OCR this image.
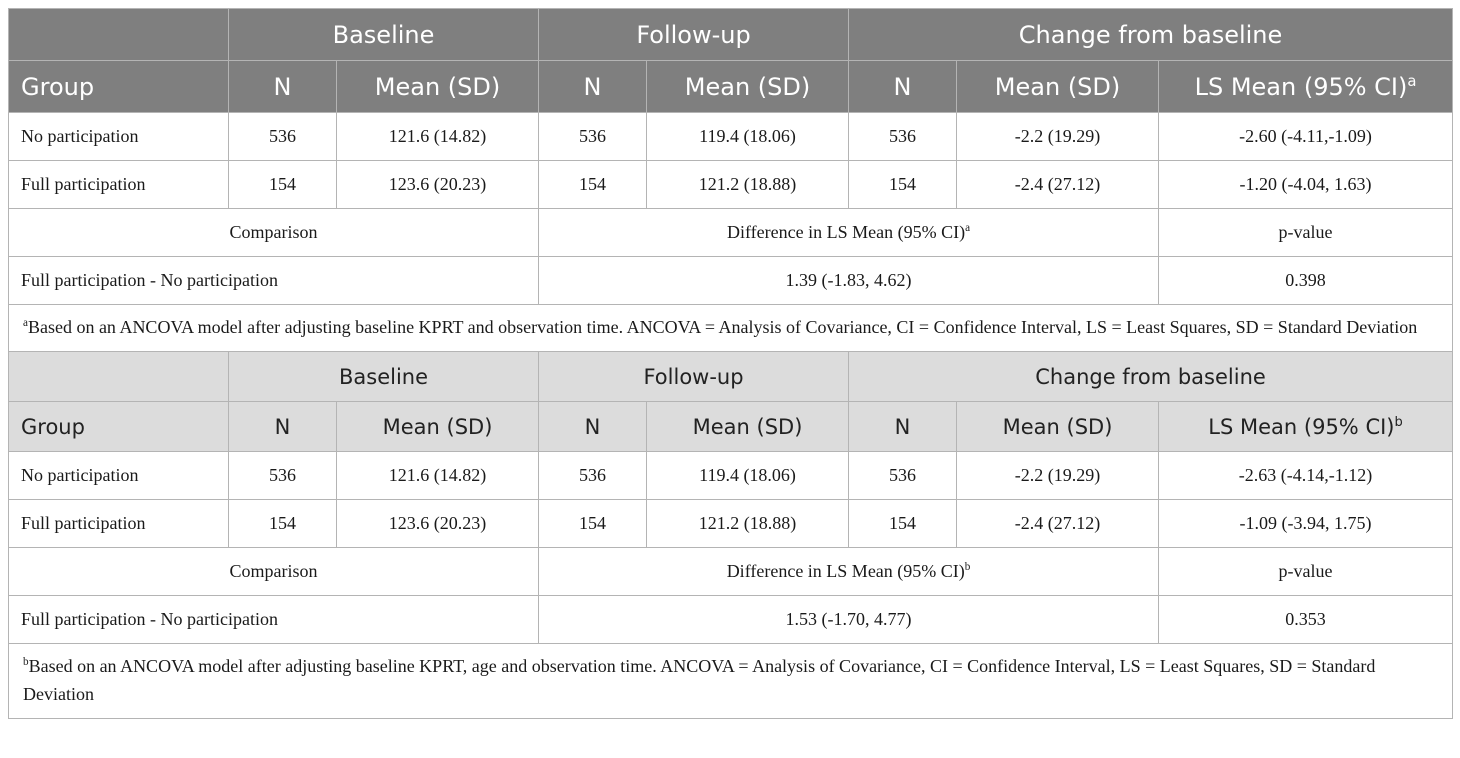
	Baseline		Follow-up		Change from baseline		
Group	N	Mean (SD)	N	Mean (SD)	N	Mean (SD)	LS Mean (95% CI)$^a$
No participation	536	121.6 (14.82)	536	119.4 (18.06)	536	-2.2 (19.29)	-2.60 (-4.11,-1.09)
Full participation	154	123.6 (20.23)	154	121.2 (18.88)	154	-2.4 (27.12)	-1.20 (-4.04, 1.63)
Comparison			Difference in LS Mean (95% CI)$^a$				p-value
Full participation - No participation			1.39 (-1.83, 4.62)				0.398
$^a$Based on an ANCOVA model after adjusting baseline KPRT and observation time. ANCOVA = Analysis of Covariance, CI = Confidence Interval, LS = Least Squares, SD = Standard Deviation							
	Baseline		Follow-up		Change from baseline		
Group	N	Mean (SD)	N	Mean (SD)	N	Mean (SD)	LS Mean (95% CI)$^b$
No participation	536	121.6 (14.82)	536	119.4 (18.06)	536	-2.2 (19.29)	-2.63 (-4.14,-1.12)
Full participation	154	123.6 (20.23)	154	121.2 (18.88)	154	-2.4 (27.12)	-1.09 (-3.94, 1.75)
Comparison			Difference in LS Mean (95% CI)$^b$				p-value
Full participation - No participation			1.53 (-1.70, 4.77)				0.353
$^b$Based on an ANCOVA model after adjusting baseline KPRT, age and observation time. ANCOVA = Analysis of Covariance, CI = Confidence Interval, LS = Least Squares, SD = Standard Deviation							
